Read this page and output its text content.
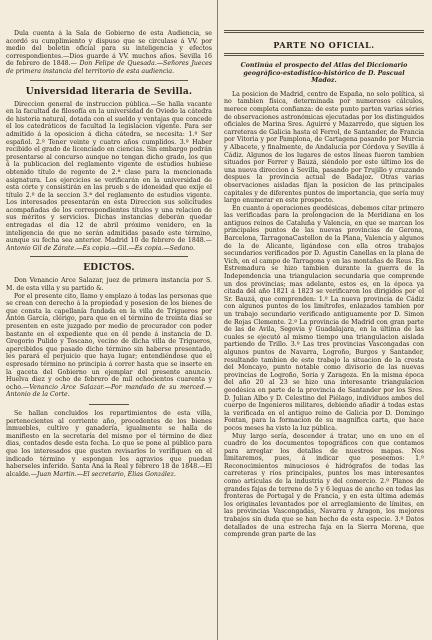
Dula cuenta á la Sala de Gobierno de esta Audiencia, se acordó su cumplimiento y dispuso que se circulase á VV. por medio del boletin oficial para su inteligencia y efectos correspondientes.—Dios guarde á VV. muchos años. Sevilla 16 de febrero de 1848.— Don Felipe de Quesada.—Señores Jueces de primera instancia del territorio de esta audiencia.

Universidad literaria de Sevilla.

Direccion general de instruccion pública.—Se halla vacante en la facultad de filosofía en la universidad de Oviedo la cátedra de historia natural, dotada con el sueldo y ventajas que concede el los catedráticos de facultad la legislacion vigente. Para ser admitido á la oposicion á dicha cátedra, se necesita: 1.º Ser español. 2.º Tener veinte y cuatro años cumplidos. 3.º Haber recibido el grado de licenciado en ciencias. Sin embargo podrán presentarse al concurso aunque no tengan dicho grado, los que á la publicacion del reglamento vigente de estudios hubiese obtenido título de regente de 2.ª clase para la mencionada asignatura. Los ejercicios se verificarán en la universidad de esta córte y consistirán en las prueb s de idoneidad que exije el título 2.º de la seccion 3.ª del reglamento de estudios vigente. Los interesados presentarán en esta Direccion sus solicitudes acompañadas de los correspondientes títulos y una relacion de sus méritos y servicios. Dichas instancias deberán quedar entregadas el dia 12 de abril próximo venidero, en la inteligencia de que no serán admitidas pasado este término, aunque su fecha sea anterior. Madrid 10 de febrero de 1848.—Antonio Gil de Zárate.—Es copia.—Gil.—Es copia.—Sedano.

EDICTOS.

Don Venancio Arce Salazar, juez de primera instancia por S. M. de esta villa y su partido &.

Por el presente cito, llamo y emplazo á todas las personas que se crean con derecho á la propiedad y posesion de los bienes de que consta la capellanía fundada en la villa de Trigueros por Antón García, clérigo, para que en el término de treinta dias se presenten en este juzgado por medio de procurador con poder bastante en el expediente que en él pende á instancia de D. Gregorio Pulido y Toscano, vecino de dicha villa de Trigueros, apercibidos que pasado dicho término sin haberse presentado, les parará el perjuicio que haya lugar; entendiéndose que el espresado término no principia á correr hasta que se inserte en la gaceta del Gobierno un ejemplar del presente anuncio. Huelva diez y ocho de febrero de mil ochocientos cuarenta y ocho.—Venancio Arce Salazar.—Por mandado de su merced.—Antonio de la Corte.

Se hallan concluidos los repartimientos de esta villa, pertenecientes al corriente año, procedentes de los bienes inmuebles, cultivo y ganadería, igualmente se halla de manifiesto en la secretaría del mismo por el término de diez dias, contados desde esta fecha. Lo que se pone al público para que los interesados que gusten revisarlos lo verifiquen en el indicado término y espongan los agravios que puedan haberseles inferido. Santa Ana la Real y febrero 18 de 1848.—El alcalde.—Juan Martin.—El secretario, Elias González.

PARTE NO OFICIAL.
Continúa el prospecto del Atlas del Diccionario geográfico-estadístico-histórico de D. Pascual Madoz.

La posicion de Madrid, centro de España, no solo política, si no tambien física, determinada por numerosos cálculos, merece completa confianza: de este punto parten varias séries de observaciones astronómicas ejecutadas por los distinguidos oficiales de Marina Sres. Aguirre y Mazarredo, que siguen los carreteras de Galicia hasta el Ferrol, de Santander, de Francia por Vitoria y por Pamplona, de Cartagena pasando por Murcia y Albacete, y finalmente, de Andalucía por Córdova y Sevilla á Cádiz. Algunos de los lugares de estos líneas fueron tambien situados por Ferrer y Bauzá, siéndolo por este último los de una nueva direccion á Sevilla, pasando por Trujillo y cruzando despues la provincia actual de Badajoz. Otras varias observaciones aisladas fijan la posicion de las principales capitales y de diferentes puntos de importancia, que sería muy largo enumerar en este prospecto.

En cuanto á operaciones geodésicas, debemos citar primero las verificadas para la prolongacion de la Meridiana en los antiguos reinos de Cataluña y Valencia, en que se marcan los principales puntos de las nuevas provincias de Gerona, Barcelona, TarragonaCastellon de la Plana, Valencia y algunos de la de Alicante, ligándose con ella otros trabajos secundarios verificados por D. Agustin Canellas en la plana de Vich, en el campo de Tarragona y en las montañas de Reus. En Estremadura se hizo tambien durante la guerra de la Independencia una triangulacion secundaria que comprende un dos provincias; mas adelante, estos es, en la época ya citada del año 1821 á 1823 se verificaron los dirigidos por el Sr. Bauzá, que comprenden: 1.º La nueva provincia de Cádiz con algunos puntos de los limítrofes, enlazados tambien por un trabajo secundario verificado antiguamente por D. Simon de Rojas Clemente. 2.º La provincia de Madrid con gran parte de las de Avila, Segovia y Guadalajara, en la última de las cuales se ejecutó al mismo tiempo una triangulacion aislada partiendo de Trillo. 3.º Las tres provincias Vascongadas con algunos puntos de Navarra, Logroño, Burgos y Santander, resultando tambien de este trabajo la situacion de la cresta del Moncayo, punto notable como divisorio de las nuevas provincias de Logroño, Soria y Zaragoza. En la misma época del año 20 al 23 se hizo una interesante triangulacion geodésica en parte de la provincia de Santander por los Sres. D. Julian Albo y D. Celestino del Piélago, individuos ambos del cuerpo de Ingenieros militares, debiendo añadir á todas estas la verificada en el antiguo reino de Galicia por D. Domingo Fontan, para la formacion de su magnífica carta, que hace pocos meses ha visto la luz pública.

Muy largo sería, descender á tratar, uno en uno en el cuadro de los documentos topográficos con que contamos para arreglar los detalles de nuestros mapas. Nos limitaremos, pues, á indicar que poseemos: 1.º Reconocimientos minuciosos é hidrógrafos de todas las carreteras y ríos principales, puntos los mas interesantes como artículas de la industria y del comercio. 2.º Planos de grandes fajas de terreno de 5 y 6 leguas de ancho en todas las fronteras de Portugal y de Francia, y en esta última además los originales levantados por el arreglamiento de límites, en las provincias Vascongadas, Navarra y Aragon, los mejores trabajos sin duda que se han hecho de esta especie. 3.º Datos detallados de una estrecha faja en la Sierra Morena, que comprende gran parte de las
